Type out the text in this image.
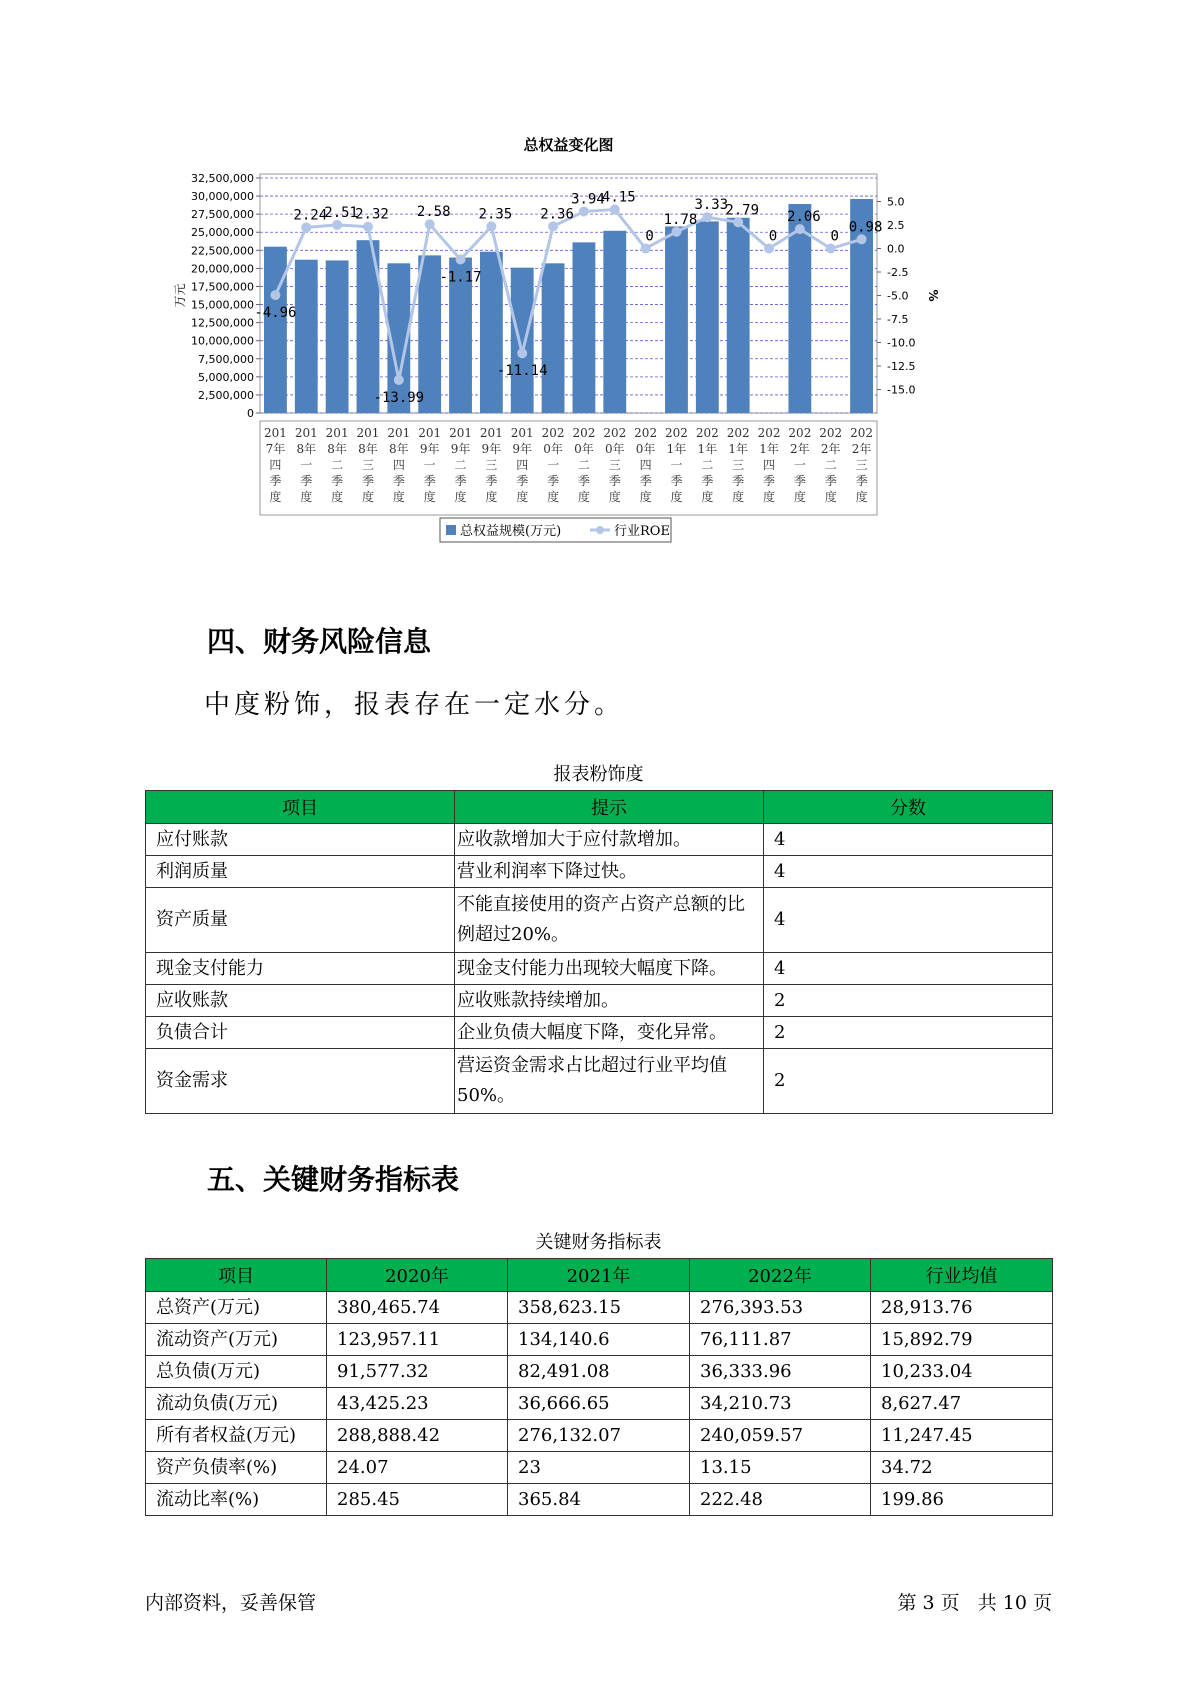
总权益变化图
0
2,500,000
5,000,000
7,500,000
10,000,000
12,500,000
15,000,000
17,500,000
20,000,000
22,500,000
25,000,000
27,500,000
30,000,000
32,500,000
5.0
2.5
0.0
-2.5
-5.0
-7.5
-10.0
-12.5
-15.0
万元	%
201 7年四季度
201 8年一季度
201 8年二季度
201 8年三季度
201 8年四季度
201 9年一季度
201 9年二季度
201 9年三季度
201 9年四季度
202 0年一季度
202 0年二季度
202 0年三季度
202 0年四季度
202 1年一季度
202 1年二季度
202 1年三季度
202 1年四季度
202 2年一季度
202 2年二季度
202 2年三季度
-4.96
2.24
2.51
2.32
-13.99
2.58
-1.17
2.35
-11.14
2.36
3.94
4.15
0
1.78
3.33
2.79
0
2.06
0
0.98
总权益规模(万元)	行业ROE
四、财务风险信息

中度粉饰，报表存在一定水分。

报表粉饰度
项目	提示	分数
应付账款	应收款增加大于应付款增加。	4
利润质量	营业利润率下降过快。	4
资产质量	不能直接使用的资产占资产总额的比例超过20%。	4
现金支付能力	现金支付能力出现较大幅度下降。	4
应收账款	应收账款持续增加。	2
负债合计	企业负债大幅度下降，变化异常。	2
资金需求	营运资金需求占比超过行业平均值50%。	2
五、关键财务指标表
关键财务指标表
项目	2020年	2021年	2022年	行业均值
总资产(万元)	380,465.74	358,623.15	276,393.53	28,913.76
流动资产(万元)	123,957.11	134,140.6	76,111.87	15,892.79
总负债(万元)	91,577.32	82,491.08	36,333.96	10,233.04
流动负债(万元)	43,425.23	36,666.65	34,210.73	8,627.47
所有者权益(万元)	288,888.42	276,132.07	240,059.57	11,247.45
资产负债率(%)	24.07	23	13.15	34.72
流动比率(%)	285.45	365.84	222.48	199.86
内部资料，妥善保管	第 3 页   共 10 页
